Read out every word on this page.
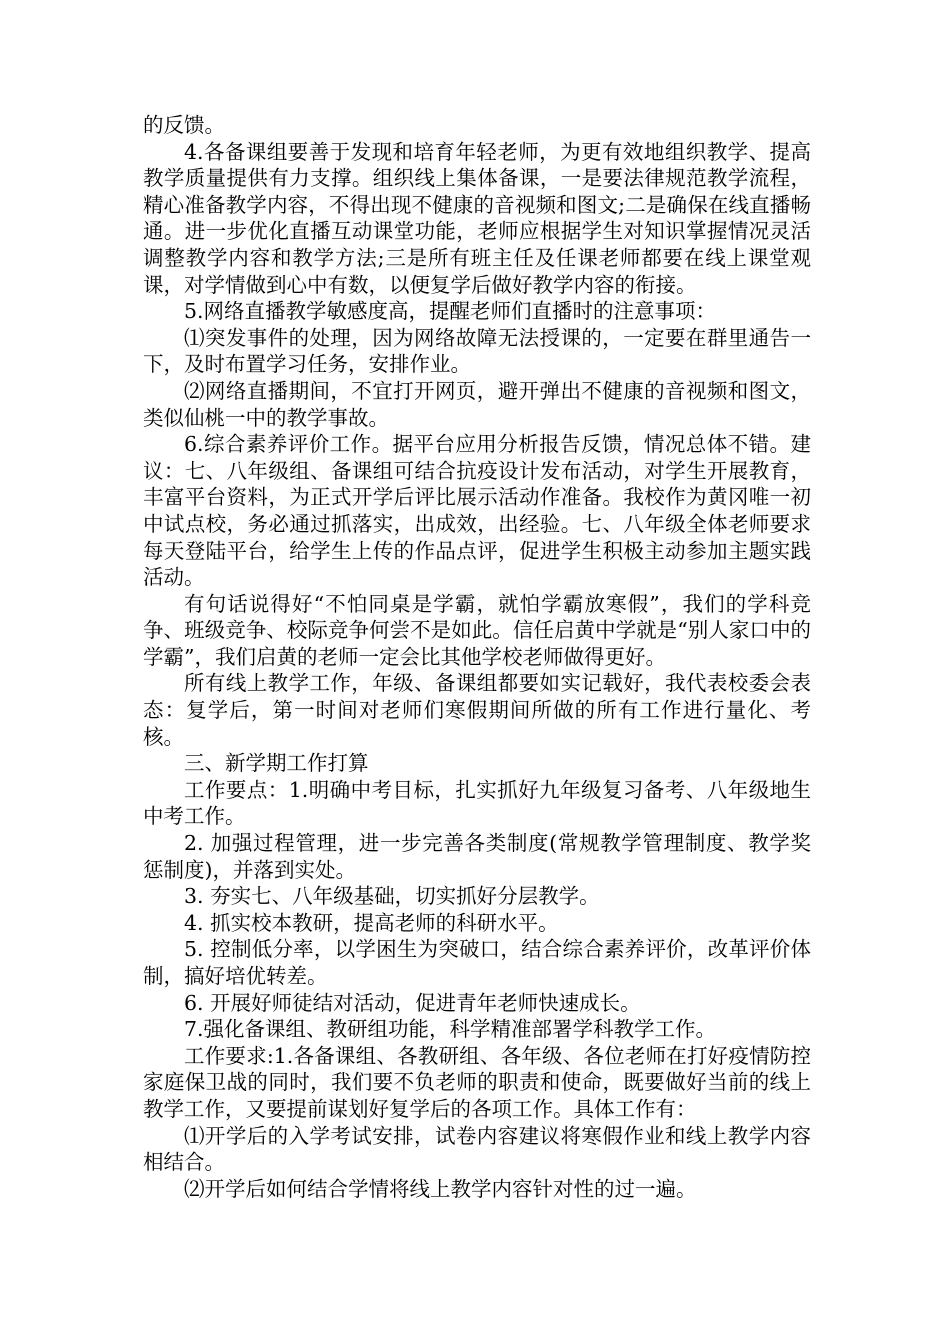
的反馈。

4.各备课组要善于发现和培育年轻老师，为更有效地组织教学、提高教学质量提供有力支撑。组织线上集体备课，一是要法律规范教学流程，精心准备教学内容，不得出现不健康的音视频和图文;二是确保在线直播畅通。进一步优化直播互动课堂功能，老师应根据学生对知识掌握情况灵活调整教学内容和教学方法;三是所有班主任及任课老师都要在线上课堂观课，对学情做到心中有数，以便复学后做好教学内容的衔接。

5.网络直播教学敏感度高，提醒老师们直播时的注意事项：

⑴突发事件的处理，因为网络故障无法授课的，一定要在群里通告一下，及时布置学习任务，安排作业。

⑵网络直播期间，不宜打开网页，避开弹出不健康的音视频和图文，类似仙桃一中的教学事故。

6.综合素养评价工作。据平台应用分析报告反馈，情况总体不错。建议：七、八年级组、备课组可结合抗疫设计发布活动，对学生开展教育，丰富平台资料，为正式开学后评比展示活动作准备。我校作为黄冈唯一初中试点校，务必通过抓落实，出成效，出经验。七、八年级全体老师要求每天登陆平台，给学生上传的作品点评，促进学生积极主动参加主题实践活动。

有句话说得好“不怕同桌是学霸，就怕学霸放寒假”，我们的学科竞争、班级竞争、校际竞争何尝不是如此。信任启黄中学就是“别人家口中的学霸”，我们启黄的老师一定会比其他学校老师做得更好。

所有线上教学工作，年级、备课组都要如实记载好，我代表校委会表态：复学后，第一时间对老师们寒假期间所做的所有工作进行量化、考核。

三、新学期工作打算

工作要点：1.明确中考目标，扎实抓好九年级复习备考、八年级地生中考工作。

2. 加强过程管理，进一步完善各类制度(常规教学管理制度、教学奖惩制度)，并落到实处。

3. 夯实七、八年级基础，切实抓好分层教学。

4. 抓实校本教研，提高老师的科研水平。

5. 控制低分率，以学困生为突破口，结合综合素养评价，改革评价体制，搞好培优转差。

6. 开展好师徒结对活动，促进青年老师快速成长。

7.强化备课组、教研组功能，科学精准部署学科教学工作。

工作要求:1.各备课组、各教研组、各年级、各位老师在打好疫情防控家庭保卫战的同时，我们要不负老师的职责和使命，既要做好当前的线上教学工作，又要提前谋划好复学后的各项工作。具体工作有：

⑴开学后的入学考试安排，试卷内容建议将寒假作业和线上教学内容相结合。

⑵开学后如何结合学情将线上教学内容针对性的过一遍。
